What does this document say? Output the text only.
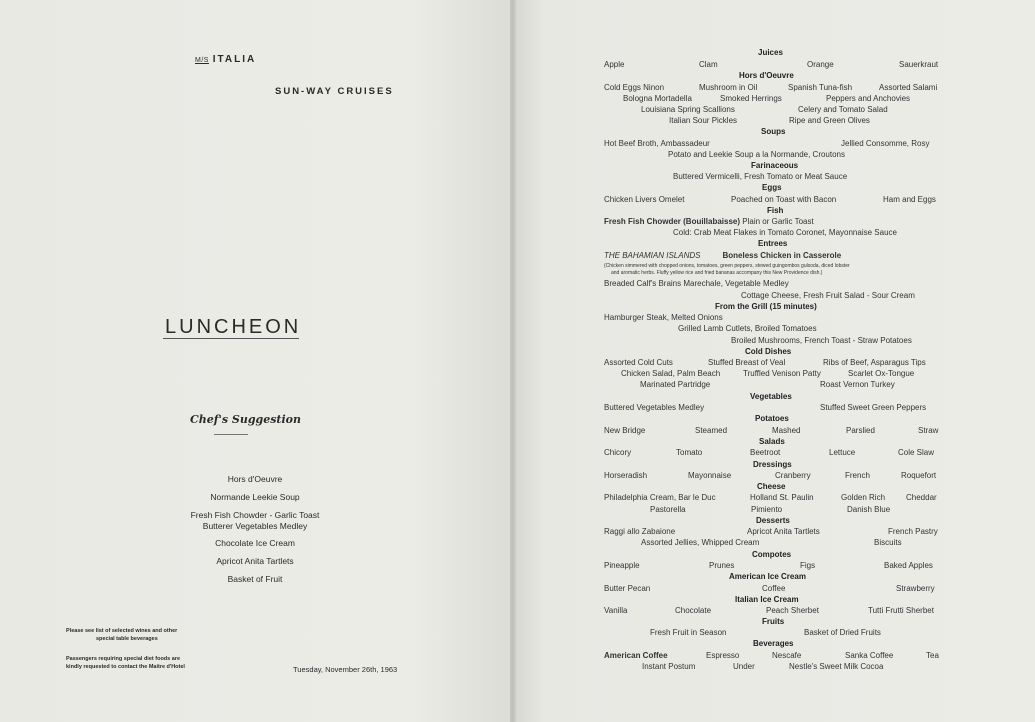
M/S ITALIA
SUN-WAY CRUISES
LUNCHEON
Chef's Suggestion
Hors d'Oeuvre
Normande Leekie Soup
Fresh Fish Chowder - Garlic Toast
Butterer Vegetables Medley
Chocolate Ice Cream
Apricot Anita Tartlets
Basket of Fruit
Please see list of selected wines and other
special table beverages
Passengers requiring special diet foods are
kindly requested to contact the Maitre d'Hotel	Tuesday, November 26th, 1963
Juices
Apple	Clam	Orange	Sauerkraut
Hors d'Oeuvre
Cold Eggs Ninon	Mushroom in Oil	Spanish Tuna-fish	Assorted Salami
Bologna Mortadella	Smoked Herrings	Peppers and Anchovies
Louisiana Spring Scallions	Celery and Tomato Salad
Italian Sour Pickles	Ripe and Green Olives
Soups
Hot Beef Broth, Ambassadeur	Jellied Consomme, Rosy
Potato and Leekie Soup a la Normande, Croutons
Farinaceous
Buttered Vermicelli, Fresh Tomato or Meat Sauce
Eggs
Chicken Livers Omelet	Poached on Toast with Bacon	Ham and Eggs
Fish
Fresh Fish Chowder (Bouillabaisse) Plain or Garlic Toast
Cold: Crab Meat Flakes in Tomato Coronet, Mayonnaise Sauce
Entrees
THE BAHAMIAN ISLANDS	Boneless Chicken in Casserole
(Chicken simmered with chopped onions, tomatoes, green peppers, stewed guingombos gulsoda, diced lobster
and aromatic herbs. Fluffy yellow rice and fried bananas accompany this New Providence dish.)
Breaded Calf's Brains Marechale, Vegetable Medley
Cottage Cheese, Fresh Fruit Salad - Sour Cream
From the Grill (15 minutes)
Hamburger Steak, Melted Onions
Grilled Lamb Cutlets, Broiled Tomatoes
Broiled Mushrooms, French Toast - Straw Potatoes
Cold Dishes
Assorted Cold Cuts	Stuffed Breast of Veal	Ribs of Beef, Asparagus Tips
Chicken Salad, Palm Beach	Truffled Venison Patty	Scarlet Ox-Tongue
Marinated Partridge	Roast Vernon Turkey
Vegetables
Buttered Vegetables Medley	Stuffed Sweet Green Peppers
Potatoes
New Bridge	Steamed	Mashed	Parslied	Straw
Salads
Chicory	Tomato	Beetroot	Lettuce	Cole Slaw
Dressings
Horseradish	Mayonnaise	Cranberry	French	Roquefort
Cheese
Philadelphia Cream, Bar le Duc	Holland St. Paulin	Golden Rich	Cheddar
Pastorella	Pimiento	Danish Blue
Desserts
Raggi allo Zabaione	Apricot Anita Tartlets	French Pastry
Assorted Jellies, Whipped Cream	Biscuits
Compotes
Pineapple	Prunes	Figs	Baked Apples
American Ice Cream
Butter Pecan	Coffee	Strawberry
Italian Ice Cream
Vanilla	Chocolate	Peach Sherbet	Tutti Frutti Sherbet
Fruits
Fresh Fruit in Season	Basket of Dried Fruits
Beverages
American Coffee	Espresso	Nescafe	Sanka Coffee	Tea
Instant Postum	Under	Nestle's Sweet Milk Cocoa
